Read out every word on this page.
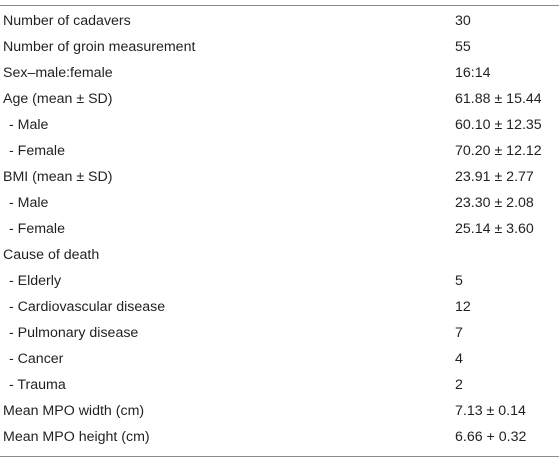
Number of cadavers	30
Number of groin measurement	55
Sex–male:female	16:14
Age (mean ± SD)	61.88 ± 15.44
- Male	60.10 ± 12.35
- Female	70.20 ± 12.12
BMI (mean ± SD)	23.91 ± 2.77
- Male	23.30 ± 2.08
- Female	25.14 ± 3.60
Cause of death
- Elderly	5
- Cardiovascular disease	12
- Pulmonary disease	7
- Cancer	4
- Trauma	2
Mean MPO width (cm)	7.13 ± 0.14
Mean MPO height (cm)	6.66 + 0.32
